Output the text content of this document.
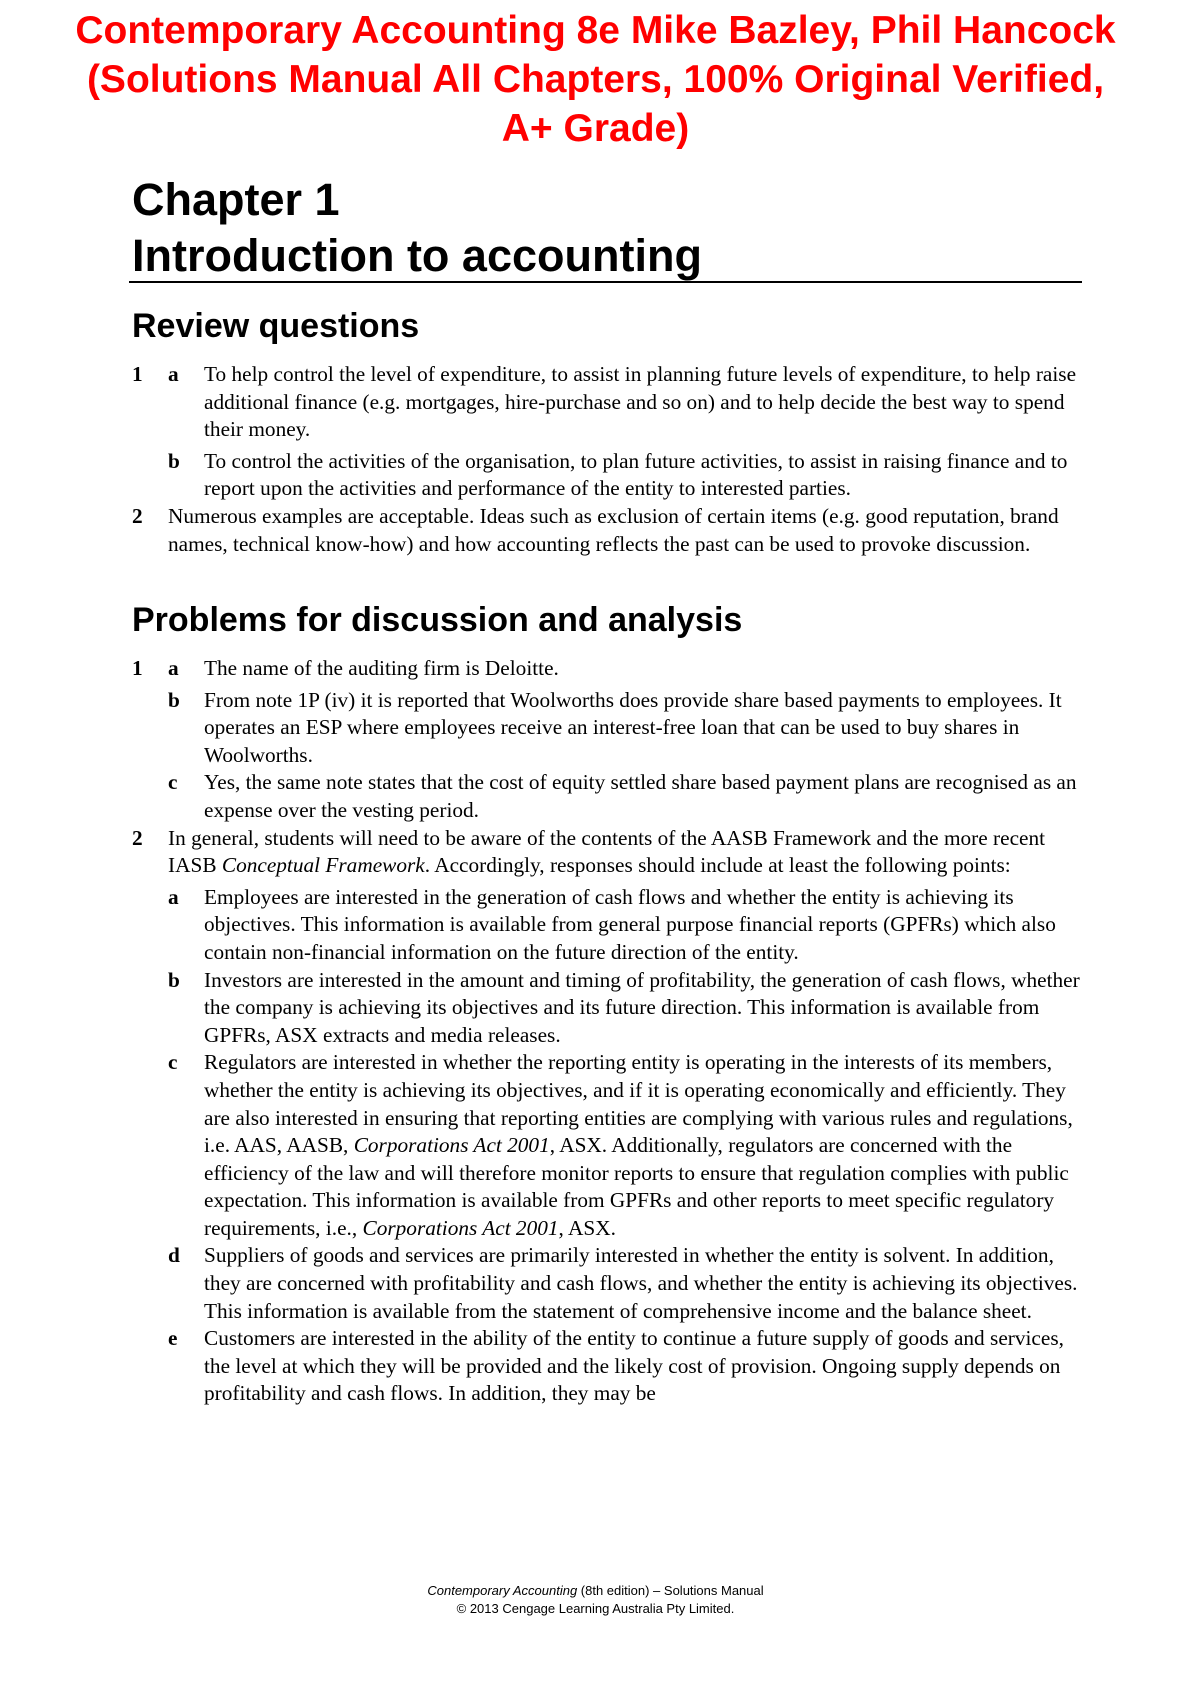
Contemporary Accounting 8e Mike Bazley, Phil Hancock
(Solutions Manual All Chapters, 100% Original Verified,
A+ Grade)
Chapter 1
Introduction to accounting
Review questions
1 a To help control the level of expenditure, to assist in planning future levels of expenditure, to help raise additional finance (e.g. mortgages, hire-purchase and so on) and to help decide the best way to spend their money.
b To control the activities of the organisation, to plan future activities, to assist in raising finance and to report upon the activities and performance of the entity to interested parties.
2	Numerous examples are acceptable. Ideas such as exclusion of certain items (e.g. good reputation, brand names, technical know-how) and how accounting reflects the past can be used to provoke discussion.
Problems for discussion and analysis
1 a The name of the auditing firm is Deloitte.
b From note 1P (iv) it is reported that Woolworths does provide share based payments to employees. It operates an ESP where employees receive an interest-free loan that can be used to buy shares in Woolworths.
c Yes, the same note states that the cost of equity settled share based payment plans are recognised as an expense over the vesting period.
2	In general, students will need to be aware of the contents of the AASB Framework and the more recent IASB Conceptual Framework. Accordingly, responses should include at least the following points:
a Employees are interested in the generation of cash flows and whether the entity is achieving its objectives. This information is available from general purpose financial reports (GPFRs) which also contain non-financial information on the future direction of the entity.
b Investors are interested in the amount and timing of profitability, the generation of cash flows, whether the company is achieving its objectives and its future direction. This information is available from GPFRs, ASX extracts and media releases.
c Regulators are interested in whether the reporting entity is operating in the interests of its members, whether the entity is achieving its objectives, and if it is operating economically and efficiently. They are also interested in ensuring that reporting entities are complying with various rules and regulations, i.e. AAS, AASB, Corporations Act 2001, ASX. Additionally, regulators are concerned with the efficiency of the law and will therefore monitor reports to ensure that regulation complies with public expectation. This information is available from GPFRs and other reports to meet specific regulatory requirements, i.e., Corporations Act 2001, ASX.
d Suppliers of goods and services are primarily interested in whether the entity is solvent. In addition, they are concerned with profitability and cash flows, and whether the entity is achieving its objectives. This information is available from the statement of comprehensive income and the balance sheet.
e Customers are interested in the ability of the entity to continue a future supply of goods and services, the level at which they will be provided and the likely cost of provision. Ongoing supply depends on profitability and cash flows. In addition, they may be
Contemporary Accounting (8th edition) – Solutions Manual
© 2013 Cengage Learning Australia Pty Limited.
